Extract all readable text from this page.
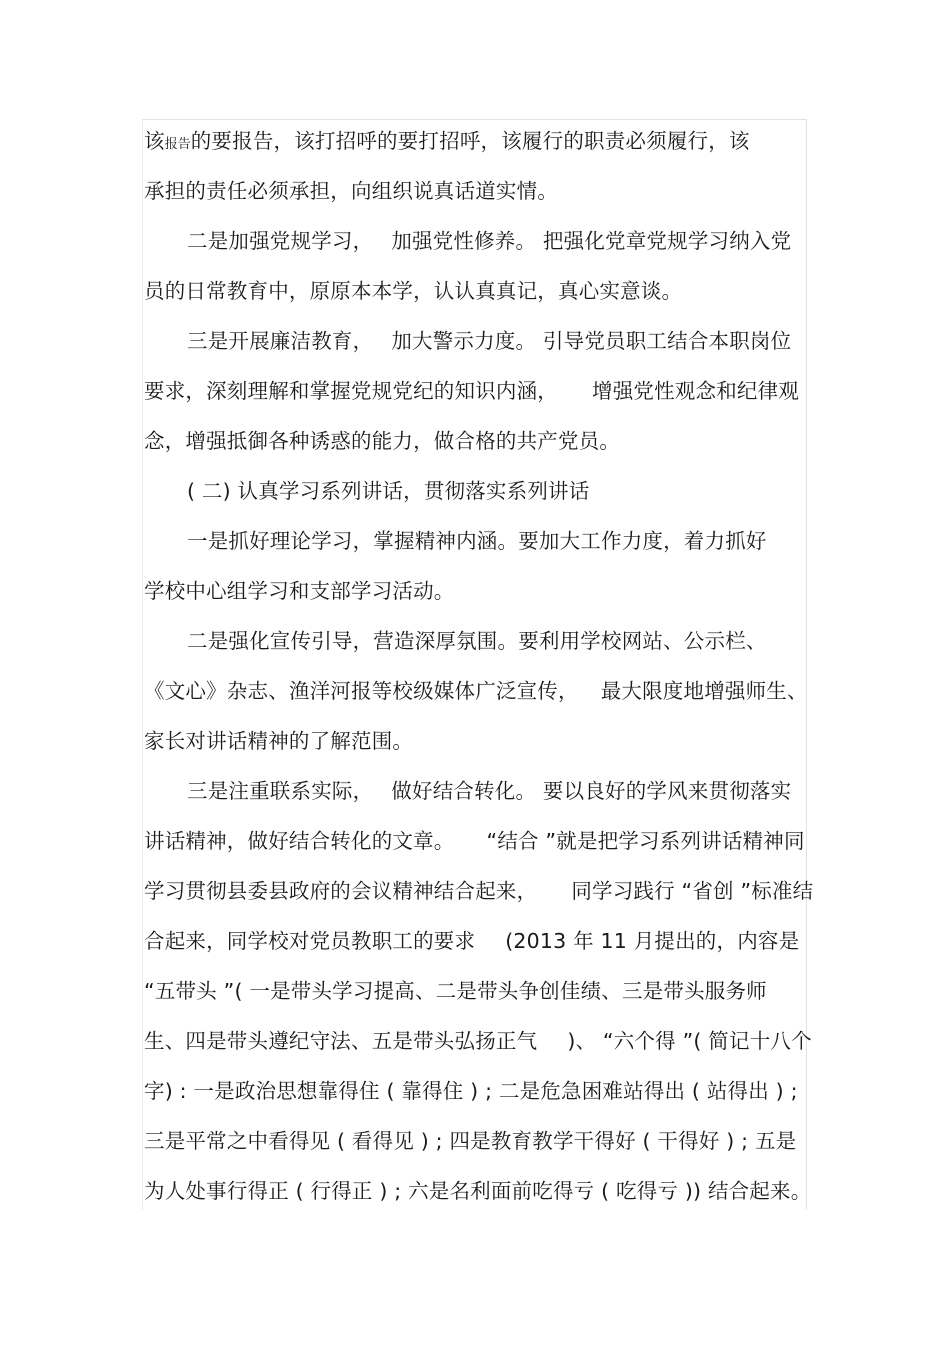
该报告的要报告，该打招呼的要打招呼，该履行的职责必须履行，该
承担的责任必须承担，向组织说真话道实情。
二是加强党规学习， 加强党性修养。 把强化党章党规学习纳入党
员的日常教育中，原原本本学，认认真真记，真心实意谈。
三是开展廉洁教育， 加大警示力度。 引导党员职工结合本职岗位
要求，深刻理解和掌握党规党纪的知识内涵， 增强党性观念和纪律观
念，增强抵御各种诱惑的能力，做合格的共产党员。
( 二) 认真学习系列讲话，贯彻落实系列讲话
一是抓好理论学习，掌握精神内涵。要加大工作力度，着力抓好
学校中心组学习和支部学习活动。
二是强化宣传引导，营造深厚氛围。要利用学校网站、公示栏、
《文心》杂志、渔洋河报等校级媒体广泛宣传， 最大限度地增强师生、
家长对讲话精神的了解范围。
三是注重联系实际， 做好结合转化。 要以良好的学风来贯彻落实
讲话精神，做好结合转化的文章。 “结合 ”就是把学习系列讲话精神同
学习贯彻县委县政府的会议精神结合起来， 同学习践行 “省创 ”标准结
合起来，同学校对党员教职工的要求 (2013 年 11 月提出的，内容是
“五带头 ”( 一是带头学习提高、二是带头争创佳绩、三是带头服务师
生、四是带头遵纪守法、五是带头弘扬正气 )、 “六个得 ”( 简记十八个
字) : 一是政治思想靠得住 ( 靠得住 ) ; 二是危急困难站得出 ( 站得出 ) ;
三是平常之中看得见 ( 看得见 ) ; 四是教育教学干得好 ( 干得好 ) ; 五是
为人处事行得正 ( 行得正 ) ; 六是名利面前吃得亏 ( 吃得亏 )) 结合起来。
